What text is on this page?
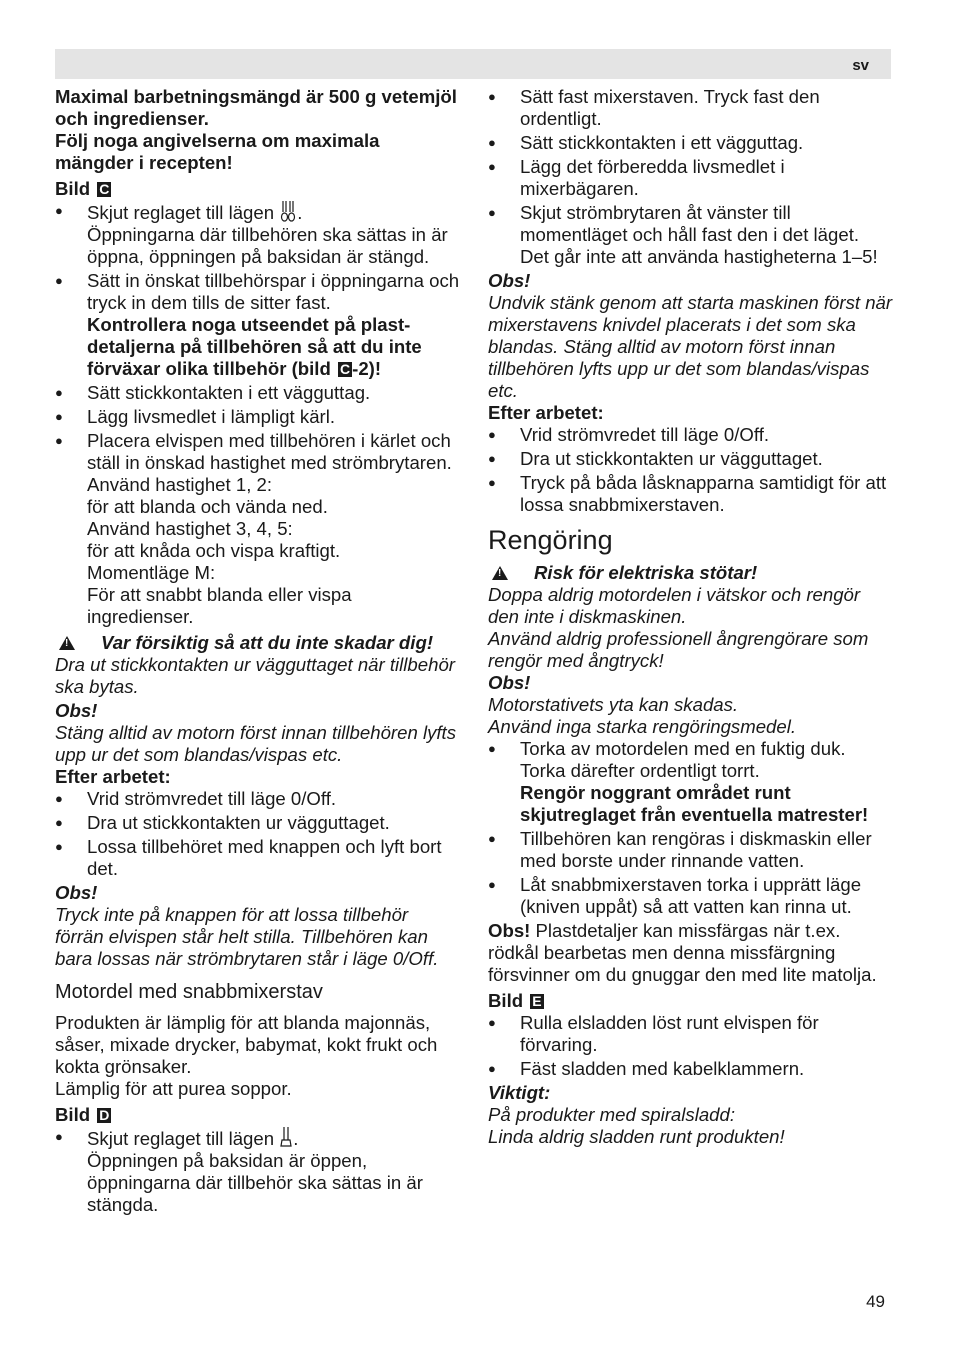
sv

Maximal barbetningsmängd är 500 g vetemjöl och ingredienser.

Följ noga angivelserna om maximala mängder i recepten!

Bild C

● Skjut reglaget till lägen .
Öppningarna där tillbehören ska sättas in är öppna, öppningen på baksidan är stängd.
● Sätt in önskat tillbehörspar i öppningarna och tryck in dem tills de sitter fast.
Kontrollera noga utseendet på plast-detaljerna på tillbehören så att du inte förväxar olika tillbehör (bild C -2)!
● Sätt stickkontakten i ett vägguttag.
● Lägg livsmedlet i lämpligt kärl.
● Placera elvispen med tillbehören i kärlet och ställ in önskad hastighet med strömbrytaren.
Använd hastighet 1, 2:
för att blanda och vända ned.
Använd hastighet 3, 4, 5:
för att knåda och vispa kraftigt.
Momentläge M:
För att snabbt blanda eller vispa ingredienser.

!Var försiktig så att du inte skadar dig!

Dra ut stickkontakten ur vägguttaget när tillbehör ska bytas.

Obs!

Stäng alltid av motorn först innan tillbehören lyfts upp ur det som blandas/vispas etc.

Efter arbetet:

● Vrid strömvredet till läge 0/Off.
● Dra ut stickkontakten ur vägguttaget.
● Lossa tillbehöret med knappen och lyft bort det.

Obs!

Tryck inte på knappen för att lossa tillbehör förrän elvispen står helt stilla. Tillbehören kan bara lossas när strömbrytaren står i läge 0/Off.

Motordel med snabbmixerstav

Produkten är lämplig för att blanda majonnäs, såser, mixade drycker, babymat, kokt frukt och kokta grönsaker.

Lämplig för att purea soppor.

Bild D

● Skjut reglaget till lägen .
Öppningen på baksidan är öppen, öppningarna där tillbehör ska sättas in är stängda.
● Sätt fast mixerstaven. Tryck fast den ordentligt.
● Sätt stickkontakten i ett vägguttag.
● Lägg det förberedda livsmedlet i mixerbägaren.
● Skjut strömbrytaren åt vänster till momentläget och håll fast den i det läget. Det går inte att använda hastigheterna 1–5!

Obs!

Undvik stänk genom att starta maskinen först när mixerstavens knivdel placerats i det som ska blandas. Stäng alltid av motorn först innan tillbehören lyfts upp ur det som blandas/vispas etc.

Efter arbetet:

● Vrid strömvredet till läge 0/Off.
● Dra ut stickkontakten ur vägguttaget.
● Tryck på båda låsknapparna samtidigt för att lossa snabbmixerstaven.

Rengöring

!Risk för elektriska stötar!

Doppa aldrig motordelen i vätskor och rengör den inte i diskmaskinen.

Använd aldrig professionell ångrengörare som rengör med ångtryck!

Obs!

Motorstativets yta kan skadas.

Använd inga starka rengöringsmedel.

● Torka av motordelen med en fuktig duk. Torka därefter ordentligt torrt.
Rengör noggrant området runt skjutreglaget från eventuella matrester!
● Tillbehören kan rengöras i diskmaskin eller med borste under rinnande vatten.
● Låt snabbmixerstaven torka i upprätt läge (kniven uppåt) så att vatten kan rinna ut.

Obs! Plastdetaljer kan missfärgas när t.ex. rödkål bearbetas men denna missfärgning försvinner om du gnuggar den med lite matolja.

Bild E

● Rulla elsladden löst runt elvispen för förvaring.
● Fäst sladden med kabelklammern.

Viktigt:

På produkter med spiralsladd:

Linda aldrig sladden runt produkten!

49
